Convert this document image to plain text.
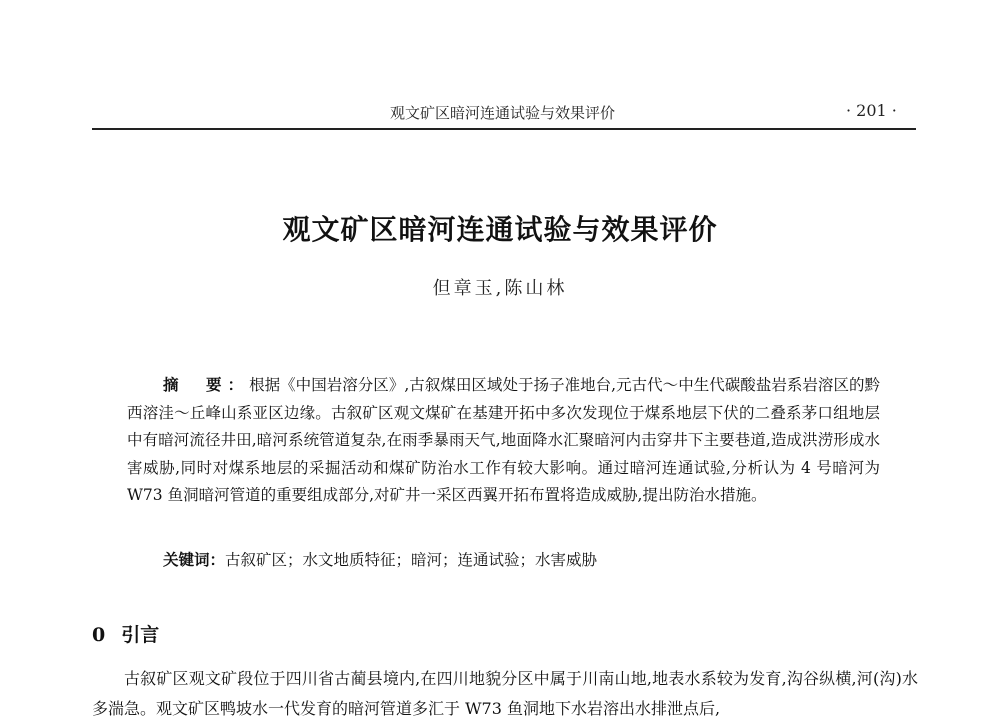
观文矿区暗河连通试验与效果评价	· 201 ·
观文矿区暗河连通试验与效果评价
但章玉,陈山林
摘　要：根据《中国岩溶分区》,古叙煤田区域处于扬子准地台,元古代～中生代碳酸盐岩系岩溶区的黔西溶洼～丘峰山系亚区边缘。古叙矿区观文煤矿在基建开拓中多次发现位于煤系地层下伏的二叠系茅口组地层中有暗河流径井田,暗河系统管道复杂,在雨季暴雨天气,地面降水汇聚暗河内击穿井下主要巷道,造成洪涝形成水害威胁,同时对煤系地层的采掘活动和煤矿防治水工作有较大影响。通过暗河连通试验,分析认为 4 号暗河为 W73 鱼洞暗河管道的重要组成部分,对矿井一采区西翼开拓布置将造成威胁,提出防治水措施。
关键词：古叙矿区；水文地质特征；暗河；连通试验；水害威胁
0 引言
古叙矿区观文矿段位于四川省古蔺县境内,在四川地貌分区中属于川南山地,地表水系较为发育,沟谷纵横,河(沟)水多湍急。观文矿区鸭坡水一代发育的暗河管道多汇于 W73 鱼洞地下水岩溶出水排泄点后,
